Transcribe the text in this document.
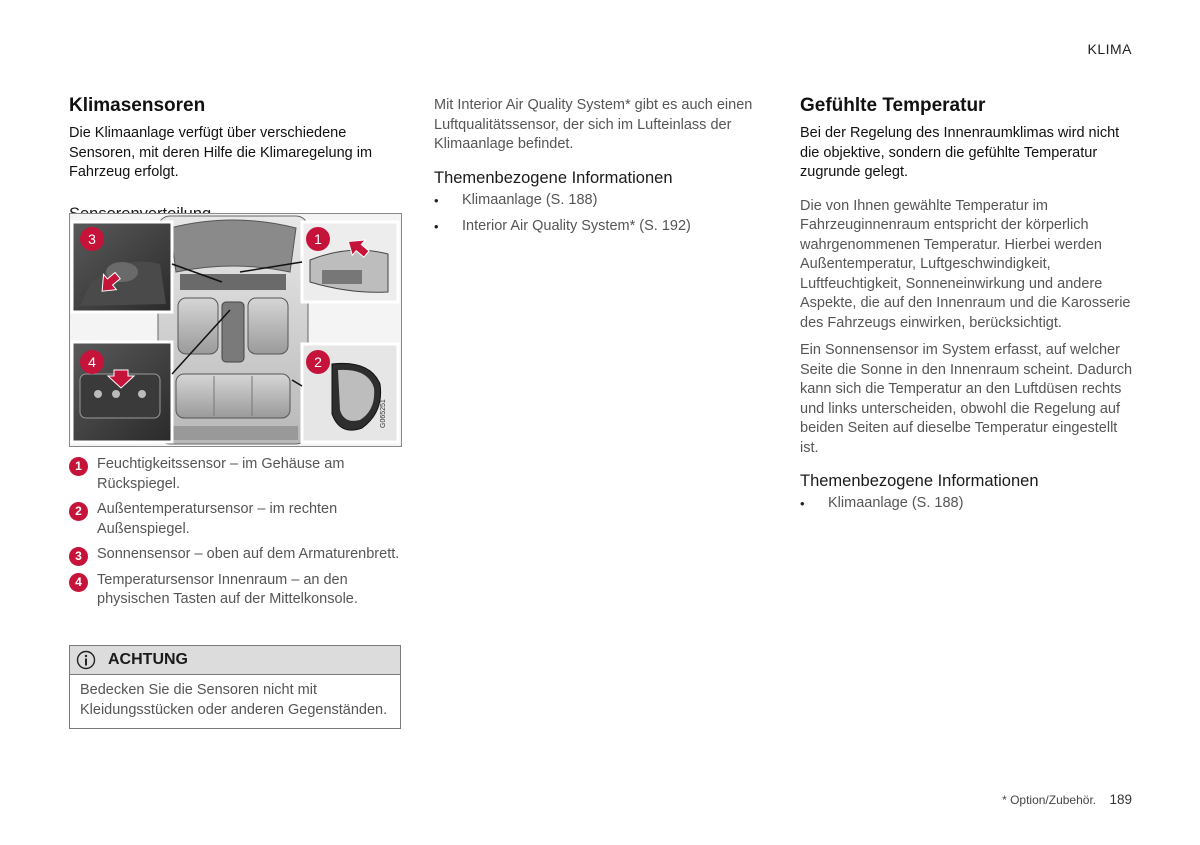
KLIMA
Klimasensoren

Die Klimaanlage verfügt über verschiedene Sensoren, mit deren Hilfe die Klimaregelung im Fahrzeug erfolgt.

G065251
3	1
4	2
1	Feuchtigkeitssensor – im Gehäuse am Rückspiegel.
2	Außentemperatursensor – im rechten Außenspiegel.
3	Sonnensensor – oben auf dem Armaturenbrett.
4	Temperatursensor Innenraum – an den physischen Tasten auf der Mittelkonsole.
ACHTUNG
Bedecken Sie die Sensoren nicht mit Kleidungsstücken oder anderen Gegenständen.

Mit Interior Air Quality System* gibt es auch einen Luftqualitätssensor, der sich im Lufteinlass der Klimaanlage befindet.

Themenbezogene Informationen
• Klimaanlage (S. 188)
• Interior Air Quality System* (S. 192)
Gefühlte Temperatur

Bei der Regelung des Innenraumklimas wird nicht die objektive, sondern die gefühlte Temperatur zugrunde gelegt.

Die von Ihnen gewählte Temperatur im Fahrzeuginnenraum entspricht der körperlich wahrgenommenen Temperatur. Hierbei werden Außentemperatur, Luftgeschwindigkeit, Luftfeuchtigkeit, Sonneneinwirkung und andere Aspekte, die auf den Innenraum und die Karosserie des Fahrzeugs einwirken, berücksichtigt.

Ein Sonnensensor im System erfasst, auf welcher Seite die Sonne in den Innenraum scheint. Dadurch kann sich die Temperatur an den Luftdüsen rechts und links unterscheiden, obwohl die Regelung auf beiden Seiten auf dieselbe Temperatur eingestellt ist.

Themenbezogene Informationen
• Klimaanlage (S. 188)
* Option/Zubehör. 189
